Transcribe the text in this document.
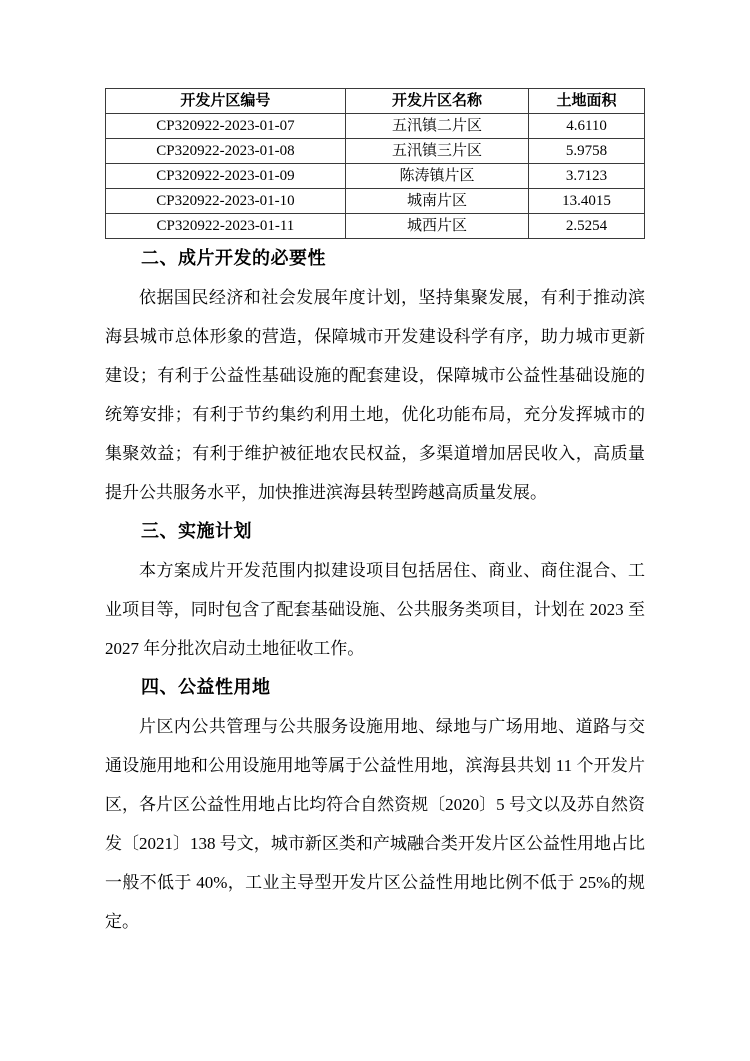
开发片区编号	开发片区名称	土地面积
CP320922-2023-01-07	五汛镇二片区	4.6110
CP320922-2023-01-08	五汛镇三片区	5.9758
CP320922-2023-01-09	陈涛镇片区	3.7123
CP320922-2023-01-10	城南片区	13.4015
CP320922-2023-01-11	城西片区	2.5254
二、成片开发的必要性

依据国民经济和社会发展年度计划，坚持集聚发展，有利于推动滨海县城市总体形象的营造，保障城市开发建设科学有序，助力城市更新建设；有利于公益性基础设施的配套建设，保障城市公益性基础设施的统筹安排；有利于节约集约利用土地，优化功能布局，充分发挥城市的集聚效益；有利于维护被征地农民权益，多渠道增加居民收入，高质量提升公共服务水平，加快推进滨海县转型跨越高质量发展。

三、实施计划

本方案成片开发范围内拟建设项目包括居住、商业、商住混合、工业项目等，同时包含了配套基础设施、公共服务类项目，计划在 2023 至 2027 年分批次启动土地征收工作。

四、公益性用地

片区内公共管理与公共服务设施用地、绿地与广场用地、道路与交通设施用地和公用设施用地等属于公益性用地，滨海县共划 11 个开发片区，各片区公益性用地占比均符合自然资规〔2020〕5 号文以及苏自然资发〔2021〕138 号文，城市新区类和产城融合类开发片区公益性用地占比一般不低于 40%，工业主导型开发片区公益性用地比例不低于 25%的规定。
